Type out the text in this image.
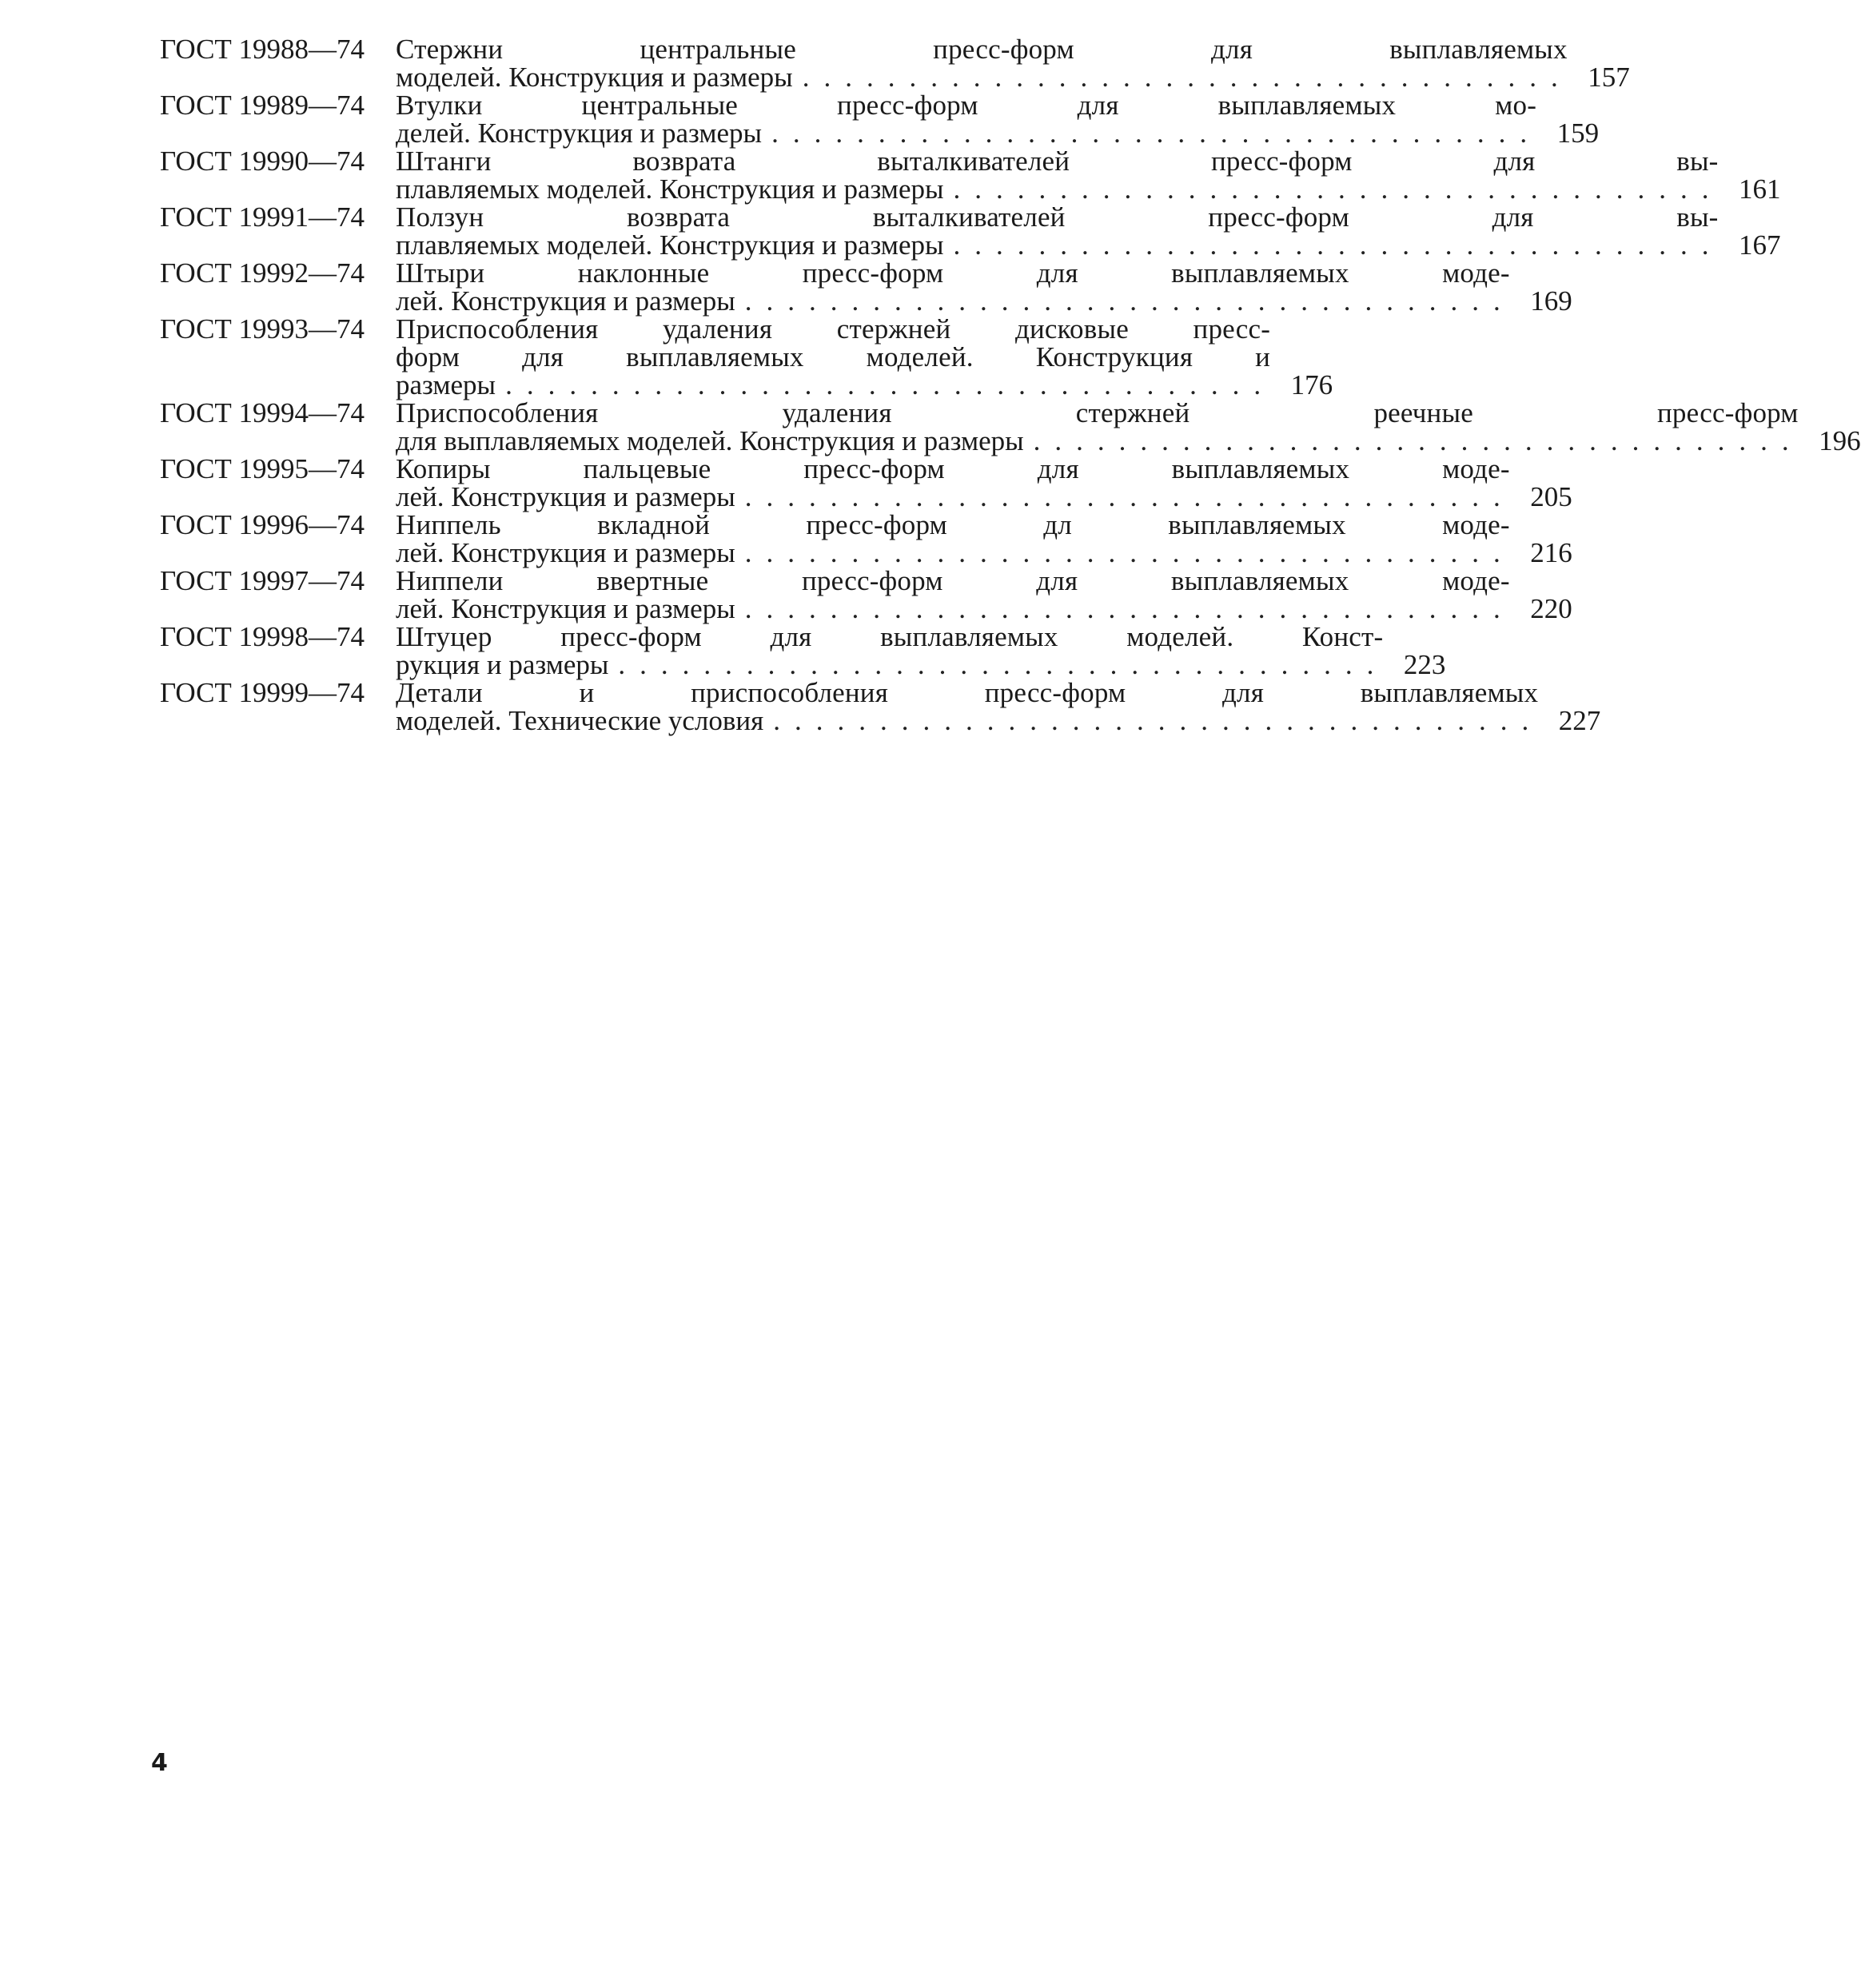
ГОСТ 19988—74	Стержни центральные пресс-форм для выплавляемых
моделей. Конструкция и размеры .................................... 157
ГОСТ 19989—74	Втулки центральные пресс-форм для выплавляемых мо-
делей. Конструкция и размеры .................................... 159
ГОСТ 19990—74	Штанги возврата выталкивателей пресс-форм для вы-
плавляемых моделей. Конструкция и размеры .................................... 161
ГОСТ 19991—74	Ползун возврата выталкивателей пресс-форм для вы-
плавляемых моделей. Конструкция и размеры .................................... 167
ГОСТ 19992—74	Штыри наклонные пресс-форм для выплавляемых моде-
лей. Конструкция и размеры .................................... 169
ГОСТ 19993—74	Приспособления удаления стержней дисковые пресс-
форм для выплавляемых моделей. Конструкция и
размеры .................................... 176
ГОСТ 19994—74	Приспособления удаления стержней реечные пресс-форм
для выплавляемых моделей. Конструкция и размеры .................................... 196
ГОСТ 19995—74	Копиры пальцевые пресс-форм для выплавляемых моде-
лей. Конструкция и размеры .................................... 205
ГОСТ 19996—74	Ниппель вкладной пресс-форм дл выплавляемых моде-
лей. Конструкция и размеры .................................... 216
ГОСТ 19997—74	Ниппели ввертные пресс-форм для выплавляемых моде-
лей. Конструкция и размеры .................................... 220
ГОСТ 19998—74	Штуцер пресс-форм для выплавляемых моделей. Конст-
рукция и размеры .................................... 223
ГОСТ 19999—74	Детали и приспособления пресс-форм для выплавляемых
моделей. Технические условия .................................... 227
4
